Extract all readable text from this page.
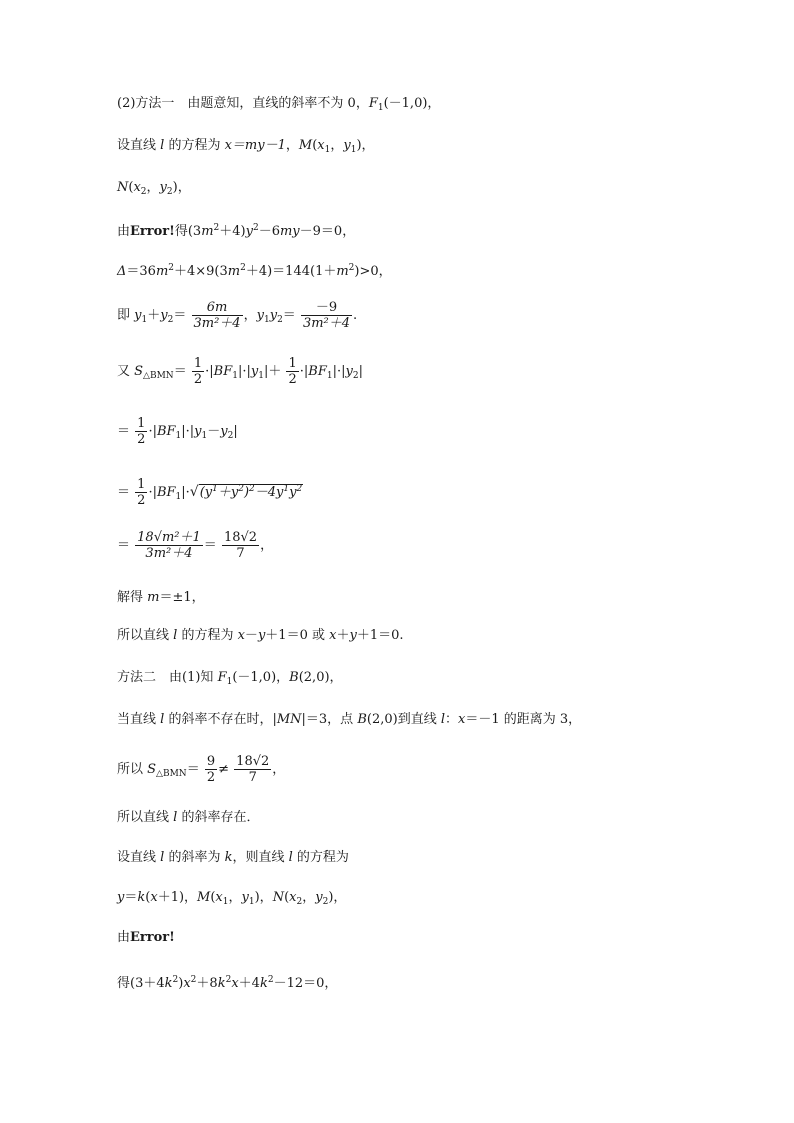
(2)方法一　由题意知，直线的斜率不为 0，$F_1(-1,0)$，
设直线 l 的方程为 x＝my－1，$M(x_1$，$y_1$)，
$N(x_2$，$y_2$)，
由Error!得$(3m^2+4)y^2-6my-9=0$，
$\Delta=36m^2+4\times 9(3m^2+4)=144(1+m^2)>0$，
即 $y_1+y_2= \frac{6m}{\text{3m²＋4}}$ ，$y_1y_2= \frac{-9}{\text{3m²＋4}}$ .
又 $S_{\triangle BMN}= \frac{1}{2} \cdot|BF_1|\cdot|y_1|+ \frac{1}{2} \cdot|BF_1|\cdot|y_2|$
＝ $\frac{1}{2} \cdot|BF_1|\cdot|y_1-y_2|$
＝ $\frac{1}{2} \cdot|BF_1|\cdot√(y^1+y^2)^2-4y^1y^2$
＝ $\frac{\text{18√m²＋1}}{\text{3m²＋4}} = \frac{18√2}{7}$ ，
解得 m＝±1，
所以直线 l 的方程为 x－y＋1＝0 或 x＋y＋1＝0.
方法二　由(1)知 $F_1(-1,0)$，B(2,0)，
当直线 l 的斜率不存在时，|MN|＝3，点 B(2,0)到直线 l：x＝－1 的距离为 3，
所以 $S_{\triangle BMN}= \frac{9}{2} \ne \frac{18√2}{7}$ ，
所以直线 l 的斜率存在．
设直线 l 的斜率为 k，则直线 l 的方程为
y＝k(x＋1)，$M(x_1$，$y_1$)，$N(x_2$，$y_2$)，
由Error!
得$(3+4k^2)x^2+8k^2x+4k^2-12=0$，
